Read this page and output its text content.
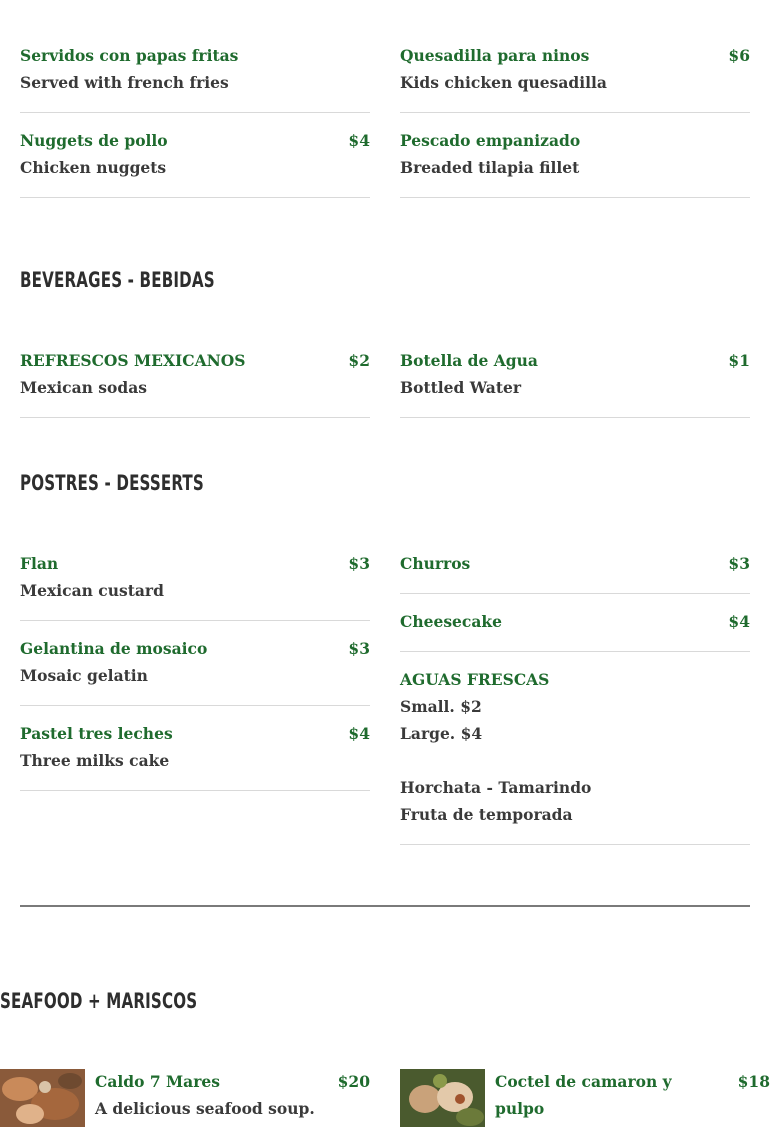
Servidos con papas fritas
Served with french fries
Quesadilla para ninos	$6
Kids chicken quesadilla
Nuggets de pollo	$4
Chicken nuggets
Pescado empanizado
Breaded tilapia fillet
BEVERAGES - BEBIDAS
REFRESCOS MEXICANOS	$2
Mexican sodas
Botella de Agua	$1
Bottled Water
POSTRES - DESSERTS
Flan	$3
Mexican custard
Churros	$3
Cheesecake	$4
Gelantina de mosaico	$3
Mosaic gelatin
Pastel tres leches	$4
Three milks cake
AGUAS FRESCAS
Small. $2
Large. $4
Horchata - Tamarindo
Fruta de temporada
SEAFOOD + MARISCOS
Caldo 7 Mares	$20
A delicious seafood soup.
Coctel de camaron y
pulpo
$18
